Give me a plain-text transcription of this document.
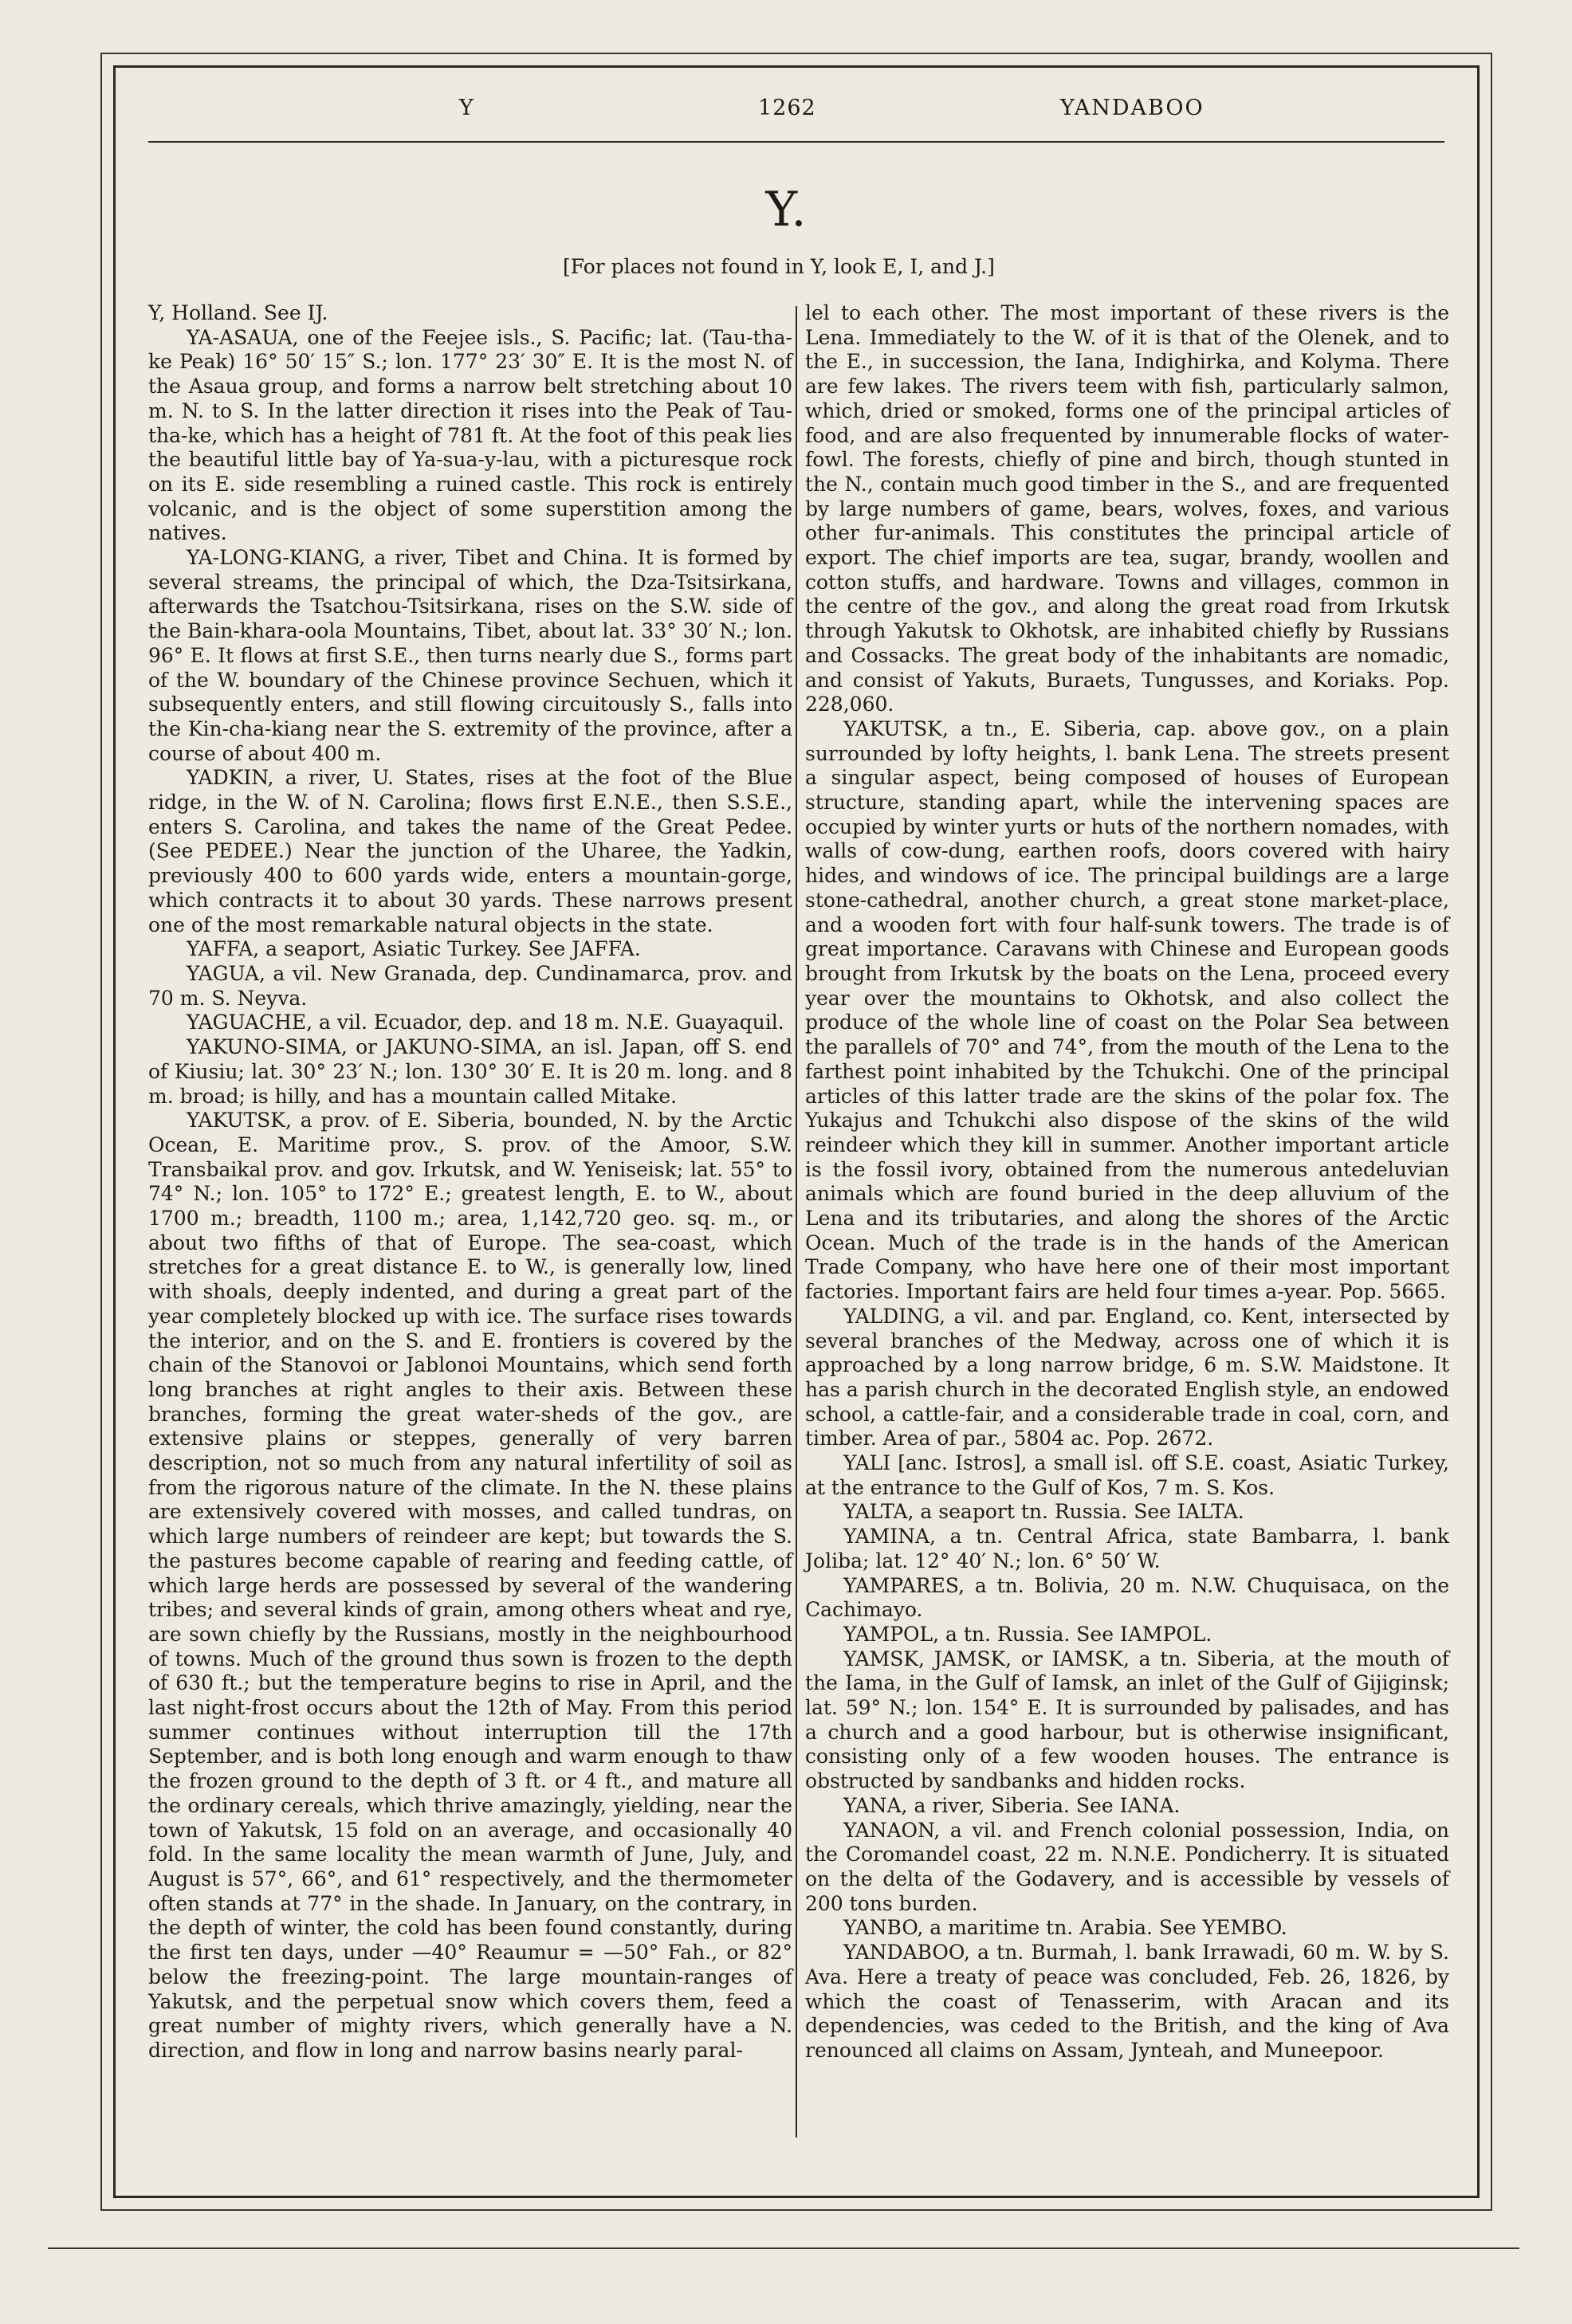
Y	1262	YANDABOO
Y.
[For places not found in Y, look E, I, and J.]

Y, Holland. See IJ.

YA-ASAUA, one of the Feejee isls., S. Pacific; lat. (Tau-tha-ke Peak) 16° 50′ 15″ S.; lon. 177° 23′ 30″ E. It is the most N. of the Asaua group, and forms a narrow belt stretching about 10 m. N. to S. In the latter direction it rises into the Peak of Tau-tha-ke, which has a height of 781 ft. At the foot of this peak lies the beautiful little bay of Ya-sua-y-lau, with a picturesque rock on its E. side resembling a ruined castle. This rock is entirely volcanic, and is the object of some superstition among the natives.

YA-LONG-KIANG, a river, Tibet and China. It is formed by several streams, the principal of which, the Dza-Tsitsirkana, afterwards the Tsatchou-Tsitsirkana, rises on the S.W. side of the Bain-khara-oola Mountains, Tibet, about lat. 33° 30′ N.; lon. 96° E. It flows at first S.E., then turns nearly due S., forms part of the W. boundary of the Chinese province Sechuen, which it subsequently enters, and still flowing circuitously S., falls into the Kin-cha-kiang near the S. extremity of the province, after a course of about 400 m.

YADKIN, a river, U. States, rises at the foot of the Blue ridge, in the W. of N. Carolina; flows first E.N.E., then S.S.E., enters S. Carolina, and takes the name of the Great Pedee. (See PEDEE.) Near the junction of the Uharee, the Yadkin, previously 400 to 600 yards wide, enters a mountain-gorge, which contracts it to about 30 yards. These narrows present one of the most remarkable natural objects in the state.

YAFFA, a seaport, Asiatic Turkey. See JAFFA.

YAGUA, a vil. New Granada, dep. Cundinamarca, prov. and 70 m. S. Neyva.

YAGUACHE, a vil. Ecuador, dep. and 18 m. N.E. Guayaquil.

YAKUNO-SIMA, or JAKUNO-SIMA, an isl. Japan, off S. end of Kiusiu; lat. 30° 23′ N.; lon. 130° 30′ E. It is 20 m. long. and 8 m. broad; is hilly, and has a mountain called Mitake.

YAKUTSK, a prov. of E. Siberia, bounded, N. by the Arctic Ocean, E. Maritime prov., S. prov. of the Amoor, S.W. Transbaikal prov. and gov. Irkutsk, and W. Yeniseisk; lat. 55° to 74° N.; lon. 105° to 172° E.; greatest length, E. to W., about 1700 m.; breadth, 1100 m.; area, 1,142,720 geo. sq. m., or about two fifths of that of Europe. The sea-coast, which stretches for a great distance E. to W., is generally low, lined with shoals, deeply indented, and during a great part of the year completely blocked up with ice. The surface rises towards the interior, and on the S. and E. frontiers is covered by the chain of the Stanovoi or Jablonoi Mountains, which send forth long branches at right angles to their axis. Between these branches, forming the great water-sheds of the gov., are extensive plains or steppes, generally of very barren description, not so much from any natural infertility of soil as from the rigorous nature of the climate. In the N. these plains are extensively covered with mosses, and called tundras, on which large numbers of reindeer are kept; but towards the S. the pastures become capable of rearing and feeding cattle, of which large herds are possessed by several of the wandering tribes; and several kinds of grain, among others wheat and rye, are sown chiefly by the Russians, mostly in the neighbourhood of towns. Much of the ground thus sown is frozen to the depth of 630 ft.; but the temperature begins to rise in April, and the last night-frost occurs about the 12th of May. From this period summer continues without interruption till the 17th September, and is both long enough and warm enough to thaw the frozen ground to the depth of 3 ft. or 4 ft., and mature all the ordinary cereals, which thrive amazingly, yielding, near the town of Yakutsk, 15 fold on an average, and occasionally 40 fold. In the same locality the mean warmth of June, July, and August is 57°, 66°, and 61° respectively, and the thermometer often stands at 77° in the shade. In January, on the contrary, in the depth of winter, the cold has been found constantly, during the first ten days, under —40° Reaumur = —50° Fah., or 82° below the freezing-point. The large mountain-ranges of Yakutsk, and the perpetual snow which covers them, feed a great number of mighty rivers, which generally have a N. direction, and flow in long and narrow basins nearly paral-

lel to each other. The most important of these rivers is the Lena. Immediately to the W. of it is that of the Olenek, and to the E., in succession, the Iana, Indighirka, and Kolyma. There are few lakes. The rivers teem with fish, particularly salmon, which, dried or smoked, forms one of the principal articles of food, and are also frequented by innumerable flocks of water-fowl. The forests, chiefly of pine and birch, though stunted in the N., contain much good timber in the S., and are frequented by large numbers of game, bears, wolves, foxes, and various other fur-animals. This constitutes the principal article of export. The chief imports are tea, sugar, brandy, woollen and cotton stuffs, and hardware. Towns and villages, common in the centre of the gov., and along the great road from Irkutsk through Yakutsk to Okhotsk, are inhabited chiefly by Russians and Cossacks. The great body of the inhabitants are nomadic, and consist of Yakuts, Buraets, Tungusses, and Koriaks. Pop. 228,060.

YAKUTSK, a tn., E. Siberia, cap. above gov., on a plain surrounded by lofty heights, l. bank Lena. The streets present a singular aspect, being composed of houses of European structure, standing apart, while the intervening spaces are occupied by winter yurts or huts of the northern nomades, with walls of cow-dung, earthen roofs, doors covered with hairy hides, and windows of ice. The principal buildings are a large stone-cathedral, another church, a great stone market-place, and a wooden fort with four half-sunk towers. The trade is of great importance. Caravans with Chinese and European goods brought from Irkutsk by the boats on the Lena, proceed every year over the mountains to Okhotsk, and also collect the produce of the whole line of coast on the Polar Sea between the parallels of 70° and 74°, from the mouth of the Lena to the farthest point inhabited by the Tchukchi. One of the principal articles of this latter trade are the skins of the polar fox. The Yukajus and Tchukchi also dispose of the skins of the wild reindeer which they kill in summer. Another important article is the fossil ivory, obtained from the numerous antedeluvian animals which are found buried in the deep alluvium of the Lena and its tributaries, and along the shores of the Arctic Ocean. Much of the trade is in the hands of the American Trade Company, who have here one of their most important factories. Important fairs are held four times a-year. Pop. 5665.

YALDING, a vil. and par. England, co. Kent, intersected by several branches of the Medway, across one of which it is approached by a long narrow bridge, 6 m. S.W. Maidstone. It has a parish church in the decorated English style, an endowed school, a cattle-fair, and a considerable trade in coal, corn, and timber. Area of par., 5804 ac. Pop. 2672.

YALI [anc. Istros], a small isl. off S.E. coast, Asiatic Turkey, at the entrance to the Gulf of Kos, 7 m. S. Kos.

YALTA, a seaport tn. Russia. See IALTA.

YAMINA, a tn. Central Africa, state Bambarra, l. bank Joliba; lat. 12° 40′ N.; lon. 6° 50′ W.

YAMPARES, a tn. Bolivia, 20 m. N.W. Chuquisaca, on the Cachimayo.

YAMPOL, a tn. Russia. See IAMPOL.

YAMSK, JAMSK, or IAMSK, a tn. Siberia, at the mouth of the Iama, in the Gulf of Iamsk, an inlet of the Gulf of Gijiginsk; lat. 59° N.; lon. 154° E. It is surrounded by palisades, and has a church and a good harbour, but is otherwise insignificant, consisting only of a few wooden houses. The entrance is obstructed by sandbanks and hidden rocks.

YANA, a river, Siberia. See IANA.

YANAON, a vil. and French colonial possession, India, on the Coromandel coast, 22 m. N.N.E. Pondicherry. It is situated on the delta of the Godavery, and is accessible by vessels of 200 tons burden.

YANBO, a maritime tn. Arabia. See YEMBO.

YANDABOO, a tn. Burmah, l. bank Irrawadi, 60 m. W. by S. Ava. Here a treaty of peace was concluded, Feb. 26, 1826, by which the coast of Tenasserim, with Aracan and its dependencies, was ceded to the British, and the king of Ava renounced all claims on Assam, Jynteah, and Muneepoor.
